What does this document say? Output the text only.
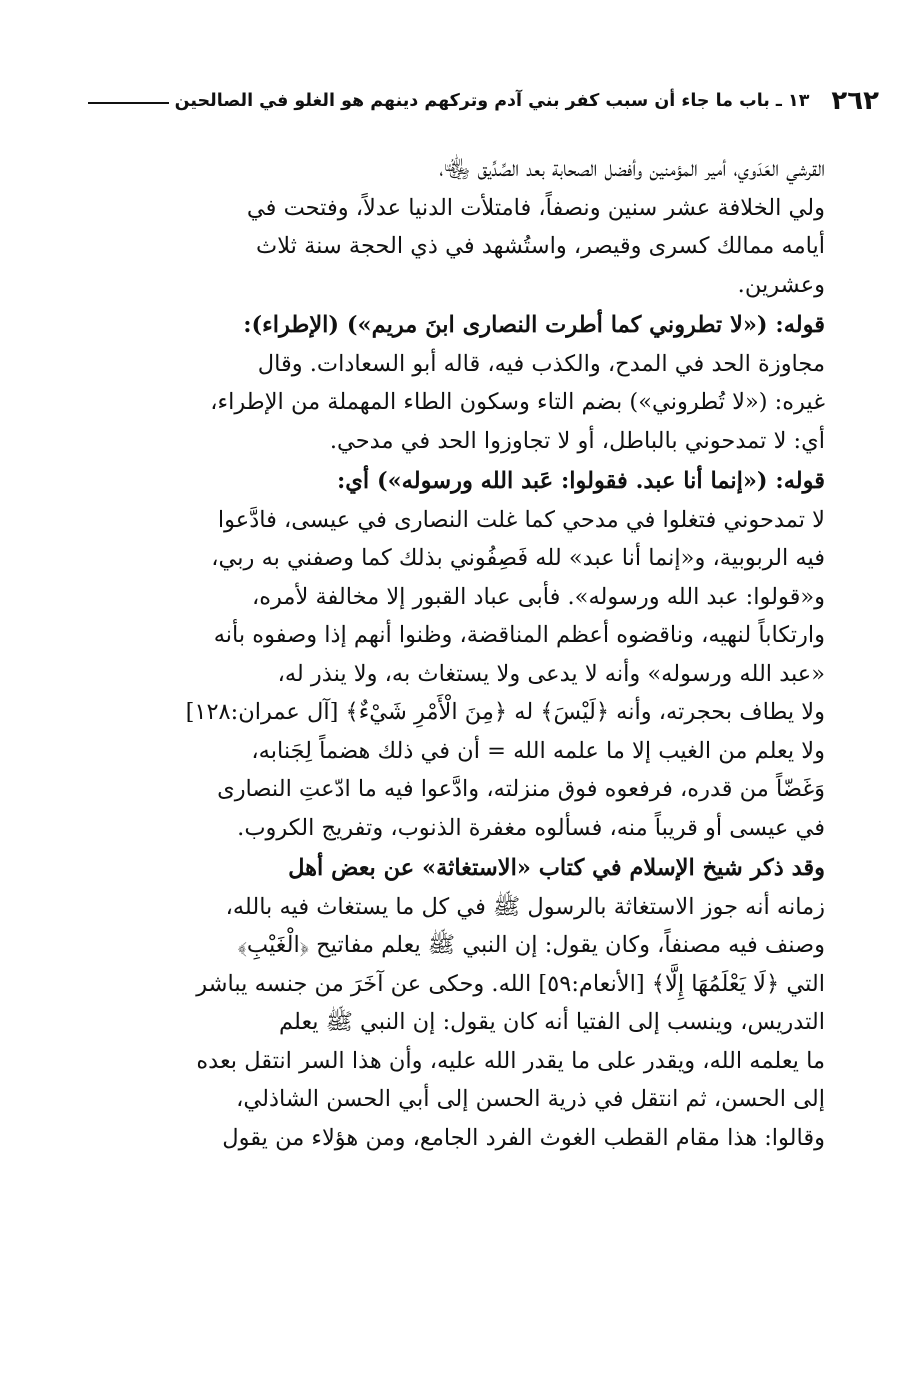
٢٦٢
١٣ ـ باب ما جاء أن سبب كفر بني آدم وتركهم دينهم هو الغلو في الصالحين

القرشي العَدَوي، أمير المؤمنين وأفضل الصحابة بعد الصِّدِّيق ﵄،

ولي الخلافة عشر سنين ونصفاً، فامتلأت الدنيا عدلاً، وفتحت في

أيامه ممالك كسرى وقيصر، واستُشهد في ذي الحجة سنة ثلاث

وعشرين.

قوله: («لا تطروني كما أطرت النصارى ابنَ مريم») (الإطراء):

مجاوزة الحد في المدح، والكذب فيه، قاله أبو السعادات. وقال

غيره: («لا تُطروني») بضم التاء وسكون الطاء المهملة من الإطراء،

أي: لا تمدحوني بالباطل، أو لا تجاوزوا الحد في مدحي.

قوله: («إنما أنا عبد. فقولوا: عَبد الله ورسوله») أي:

لا تمدحوني فتغلوا في مدحي كما غلت النصارى في عيسى، فادَّعوا

فيه الربوبية، و«إنما أنا عبد» لله فَصِفُوني بذلك كما وصفني به ربي،

و«قولوا: عبد الله ورسوله». فأبى عباد القبور إلا مخالفة لأمره،

وارتكاباً لنهيه، وناقضوه أعظم المناقضة، وظنوا أنهم إذا وصفوه بأنه

«عبد الله ورسوله» وأنه لا يدعى ولا يستغاث به، ولا ينذر له،

ولا يطاف بحجرته، وأنه ﴿لَيْسَ﴾ له ﴿مِنَ الْأَمْرِ شَيْءٌ﴾ [آل عمران:١٢٨]

ولا يعلم من الغيب إلا ما علمه الله = أن في ذلك هضماً لِجَنابه،

وَغَضّاً من قدره، فرفعوه فوق منزلته، وادَّعوا فيه ما ادّعتِ النصارى

في عيسى أو قريباً منه، فسألوه مغفرة الذنوب، وتفريج الكروب.

وقد ذكر شيخ الإسلام في كتاب «الاستغاثة» عن بعض أهل

زمانه أنه جوز الاستغاثة بالرسول ﷺ في كل ما يستغاث فيه بالله،

وصنف فيه مصنفاً، وكان يقول: إن النبي ﷺ يعلم مفاتيح ﴿الْغَيْبِ﴾

التي ﴿لَا يَعْلَمُهَا إِلَّا﴾ [الأنعام:٥٩] الله. وحكى عن آخَرَ من جنسه يباشر

التدريس، وينسب إلى الفتيا أنه كان يقول: إن النبي ﷺ يعلم

ما يعلمه الله، ويقدر على ما يقدر الله عليه، وأن هذا السر انتقل بعده

إلى الحسن، ثم انتقل في ذرية الحسن إلى أبي الحسن الشاذلي،

وقالوا: هذا مقام القطب الغوث الفرد الجامع، ومن هؤلاء من يقول
